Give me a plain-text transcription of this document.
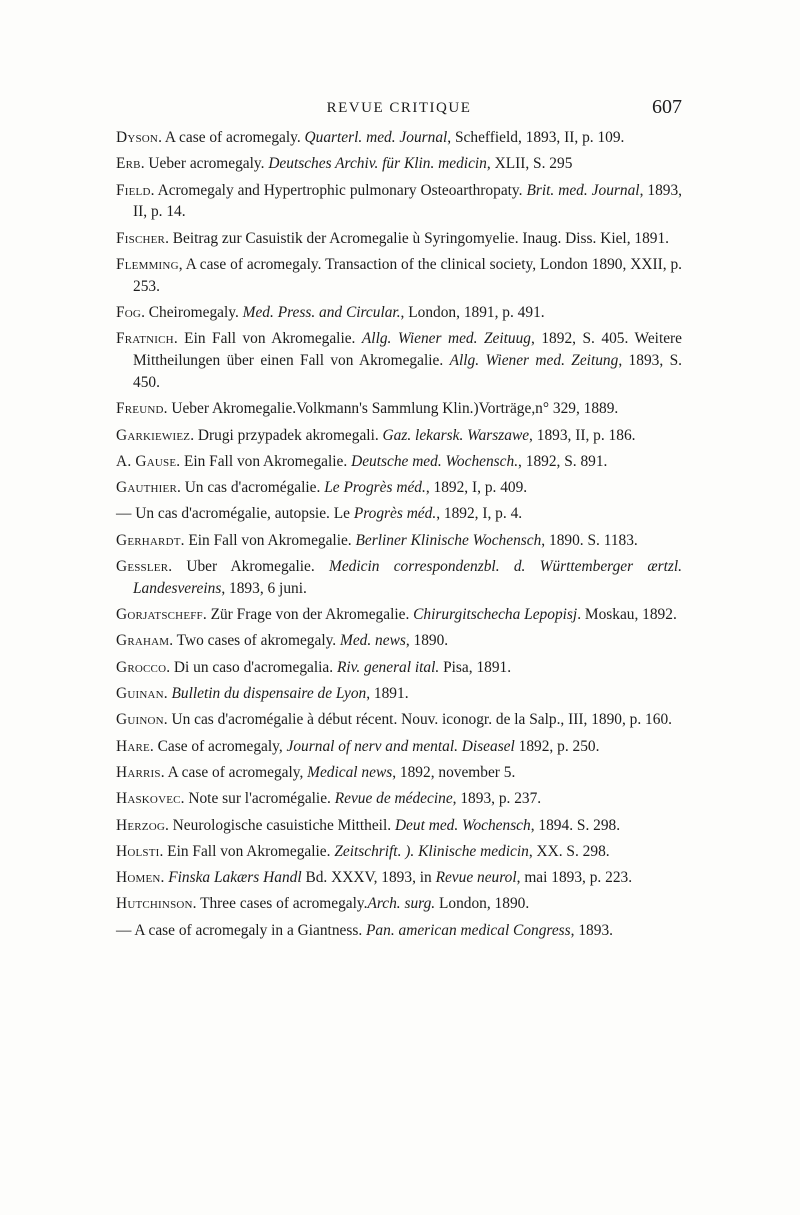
REVUE CRITIQUE	607
Dyson. A case of acromegaly. Quarterl. med. Journal, Scheffield, 1893, II, p. 109.
Erb. Ueber acromegaly. Deutsches Archiv. für Klin. medicin, XLII, S. 295
Field. Acromegaly and Hypertrophic pulmonary Osteoarthropaty. Brit. med. Journal, 1893, II, p. 14.
Fischer. Beitrag zur Casuistik der Acromegalie ù Syringomyelie. Inaug. Diss. Kiel, 1891.
Flemming, A case of acromegaly. Transaction of the clinical society, London 1890, XXII, p. 253.
Fog. Cheiromegaly. Med. Press. and Circular., London, 1891, p. 491.
Fratnich. Ein Fall von Akromegalie. Allg. Wiener med. Zeituug, 1892, S. 405. Weitere Mittheilungen über einen Fall von Akromegalie. Allg. Wiener med. Zeitung, 1893, S. 450.
Freund. Ueber Akromegalie.Volkmann's Sammlung Klin.)Vorträge,n° 329, 1889.
Garkiewiez. Drugi przypadek akromegali. Gaz. lekarsk. Warszawe, 1893, II, p. 186.
A. Gause. Ein Fall von Akromegalie. Deutsche med. Wochensch., 1892, S. 891.
Gauthier. Un cas d'acromégalie. Le Progrès méd., 1892, I, p. 409.
— Un cas d'acromégalie, autopsie. Le Progrès méd., 1892, I, p. 4.
Gerhardt. Ein Fall von Akromegalie. Berliner Klinische Wochensch, 1890. S. 1183.
Gessler. Uber Akromegalie. Medicin correspondenzbl. d. Württemberger ærtzl. Landesvereins, 1893, 6 juni.
Gorjatscheff. Zür Frage von der Akromegalie. Chirurgitschecha Lepopisj. Moskau, 1892.
Graham. Two cases of akromegaly. Med. news, 1890.
Grocco. Di un caso d'acromegalia. Riv. general ital. Pisa, 1891.
Guinan. Bulletin du dispensaire de Lyon, 1891.
Guinon. Un cas d'acromégalie à début récent. Nouv. iconogr. de la Salp., III, 1890, p. 160.
Hare. Case of acromegaly, Journal of nerv and mental. Diseasel 1892, p. 250.
Harris. A case of acromegaly, Medical news, 1892, november 5.
Haskovec. Note sur l'acromégalie. Revue de médecine, 1893, p. 237.
Herzog. Neurologische casuistiche Mittheil. Deut med. Wochensch, 1894. S. 298.
Holsti. Ein Fall von Akromegalie. Zeitschrift. ). Klinische medicin, XX. S. 298.
Homen. Finska Lakærs Handl Bd. XXXV, 1893, in Revue neurol, mai 1893, p. 223.
Hutchinson. Three cases of acromegaly.Arch. surg. London, 1890.
— A case of acromegaly in a Giantness. Pan. american medical Congress, 1893.
